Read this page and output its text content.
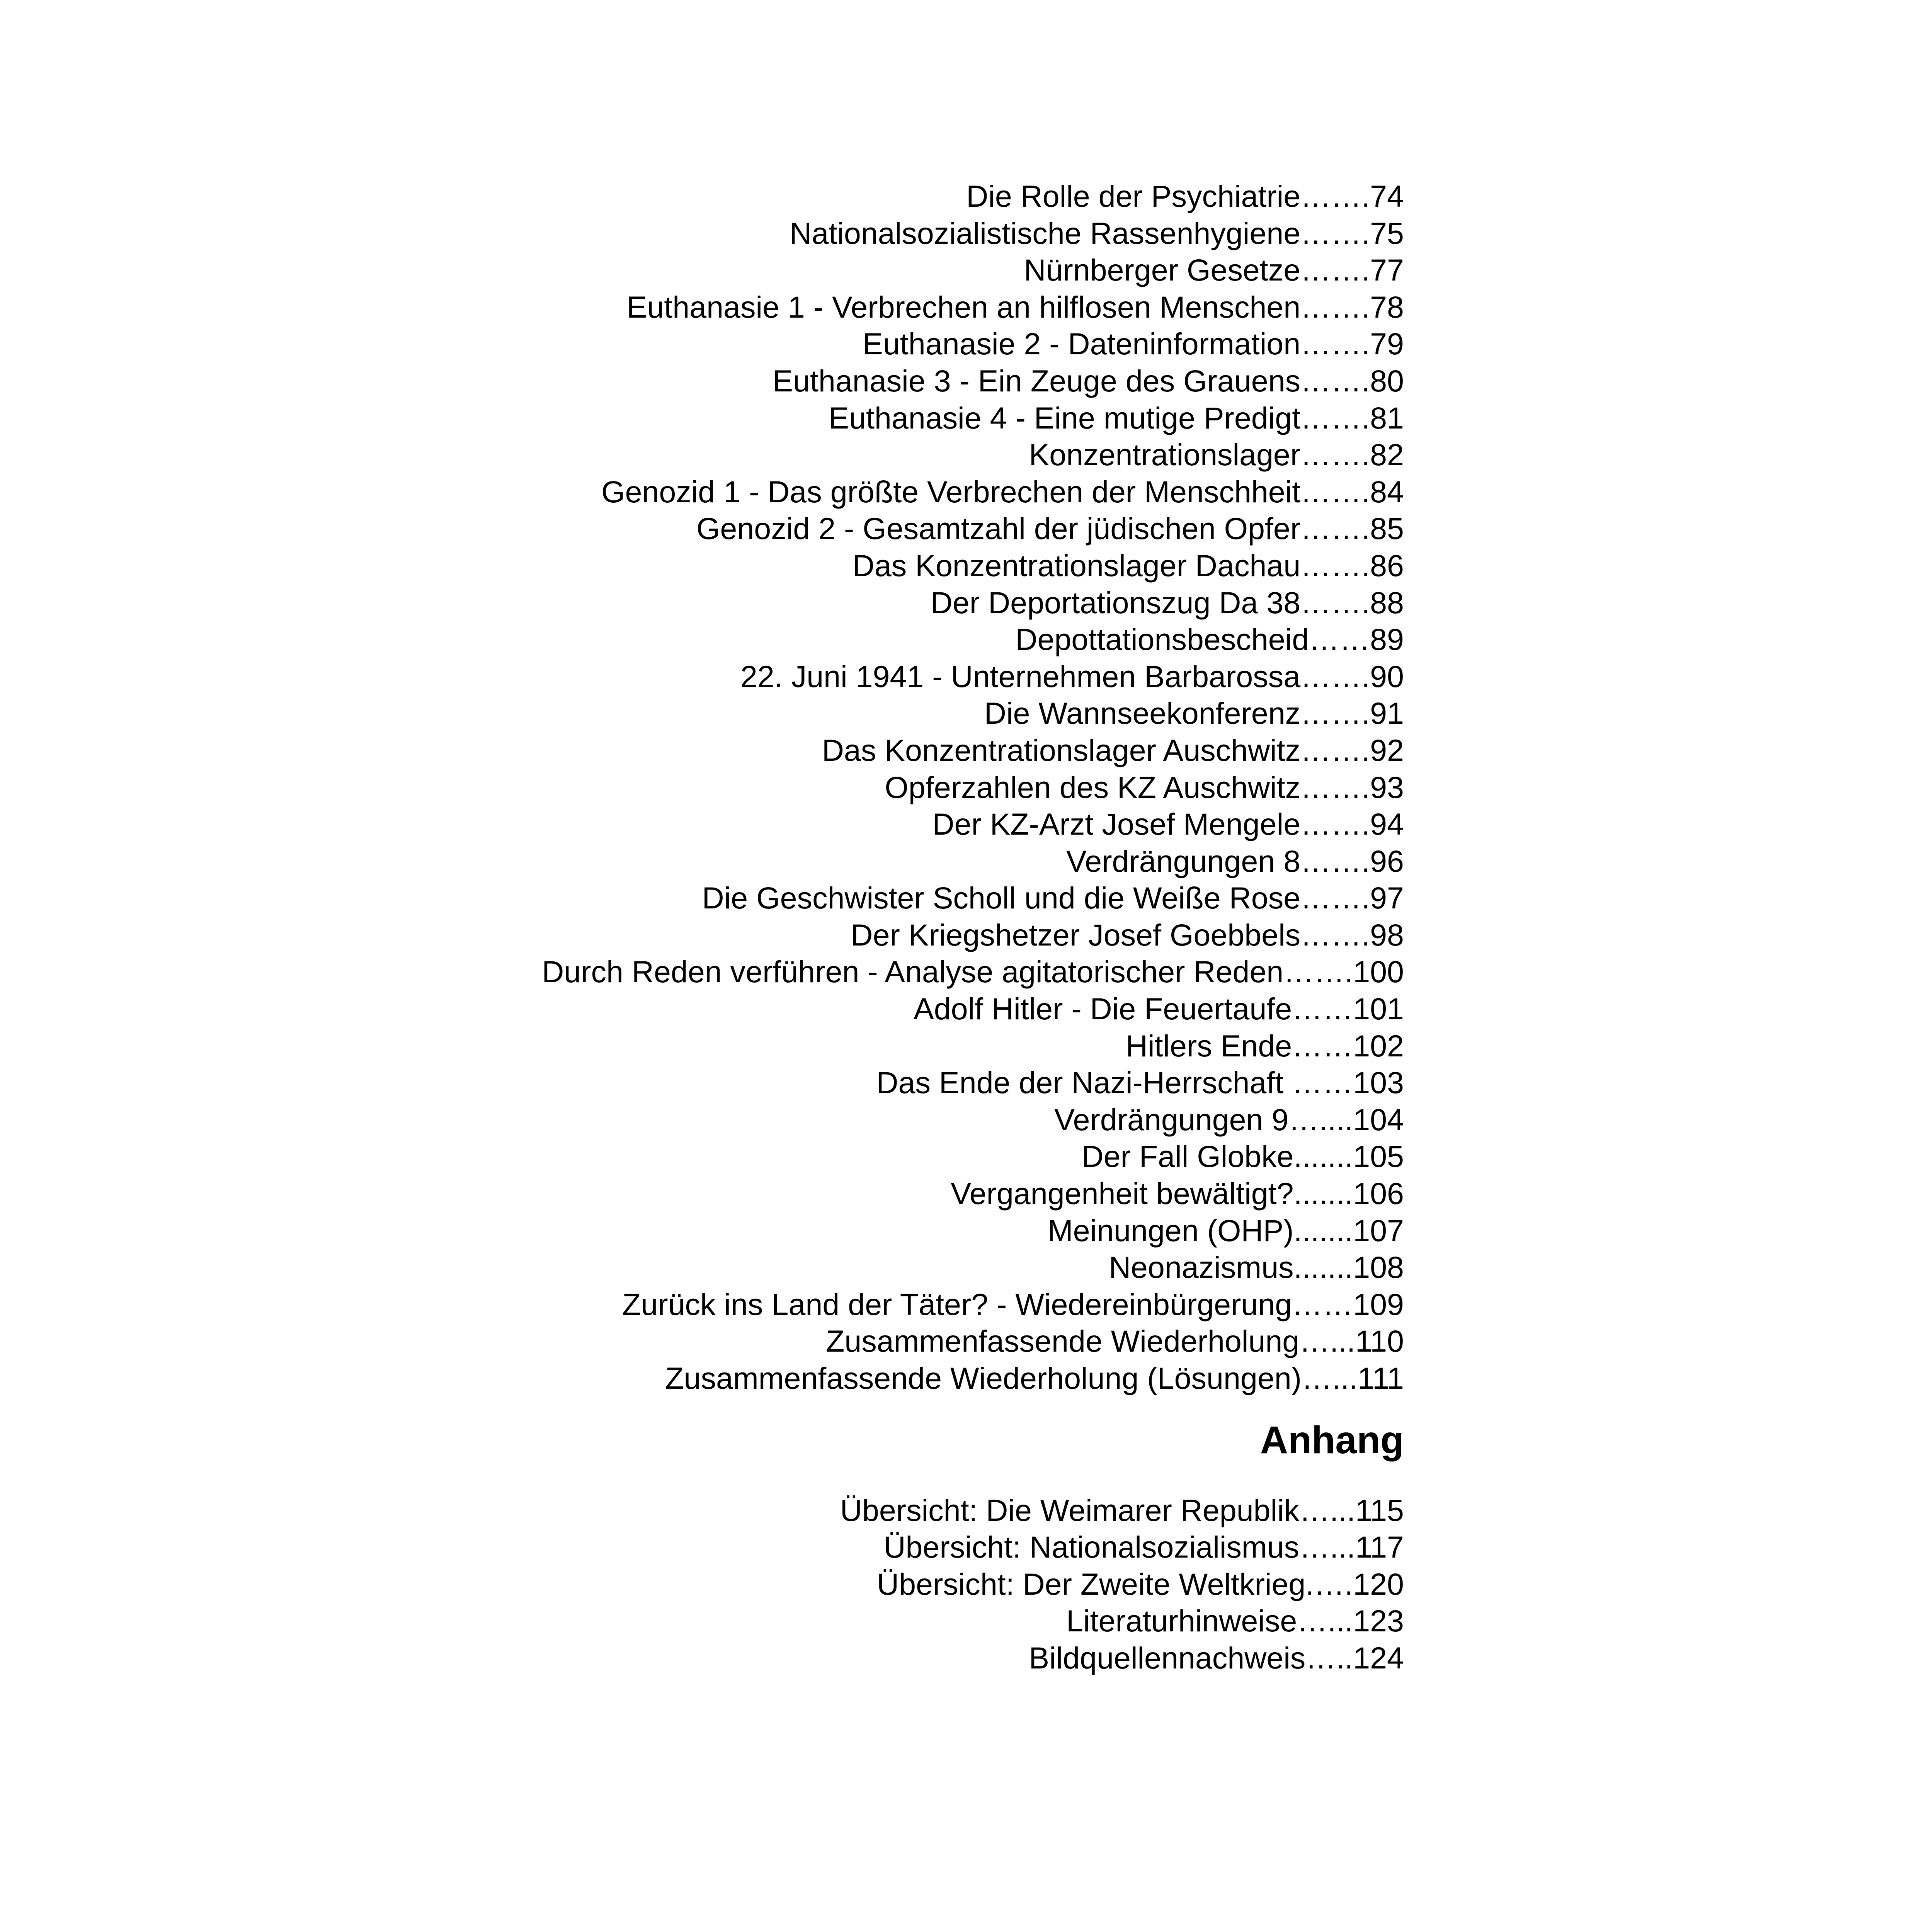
Die Rolle der Psychiatrie…….74
Nationalsozialistische Rassenhygiene…….75
Nürnberger Gesetze…….77
Euthanasie 1 - Verbrechen an hilflosen Menschen…….78
Euthanasie 2 - Dateninformation…….79
Euthanasie 3 - Ein Zeuge des Grauens…….80
Euthanasie 4 - Eine mutige Predigt…….81
Konzentrationslager…….82
Genozid 1 - Das größte Verbrechen der Menschheit…….84
Genozid 2 - Gesamtzahl der jüdischen Opfer…….85
Das Konzentrationslager Dachau…….86
Der Deportationszug Da 38…….88
Depottationsbescheid……89
22. Juni 1941 - Unternehmen Barbarossa…….90
Die Wannseekonferenz…….91
Das Konzentrationslager Auschwitz…….92
Opferzahlen des KZ Auschwitz…….93
Der KZ-Arzt Josef Mengele…….94
Verdrängungen 8…….96
Die Geschwister Scholl und die Weiße Rose…….97
Der Kriegshetzer Josef Goebbels…….98
Durch Reden verführen - Analyse agitatorischer Reden…….100
Adolf Hitler - Die Feuertaufe……101
Hitlers Ende……102
Das Ende der Nazi-Herrschaft ……103
Verdrängungen 9…....104
Der Fall Globke.......105
Vergangenheit bewältigt?.......106
Meinungen (OHP).......107
Neonazismus.......108
Zurück ins Land der Täter? - Wiedereinbürgerung……109
Zusammenfassende Wiederholung…...110
Zusammenfassende Wiederholung (Lösungen)…...111
Anhang
Übersicht: Die Weimarer Republik…...115
Übersicht: Nationalsozialismus…...117
Übersicht: Der Zweite Weltkrieg.….120
Literaturhinweise…...123
Bildquellennachweis…..124
